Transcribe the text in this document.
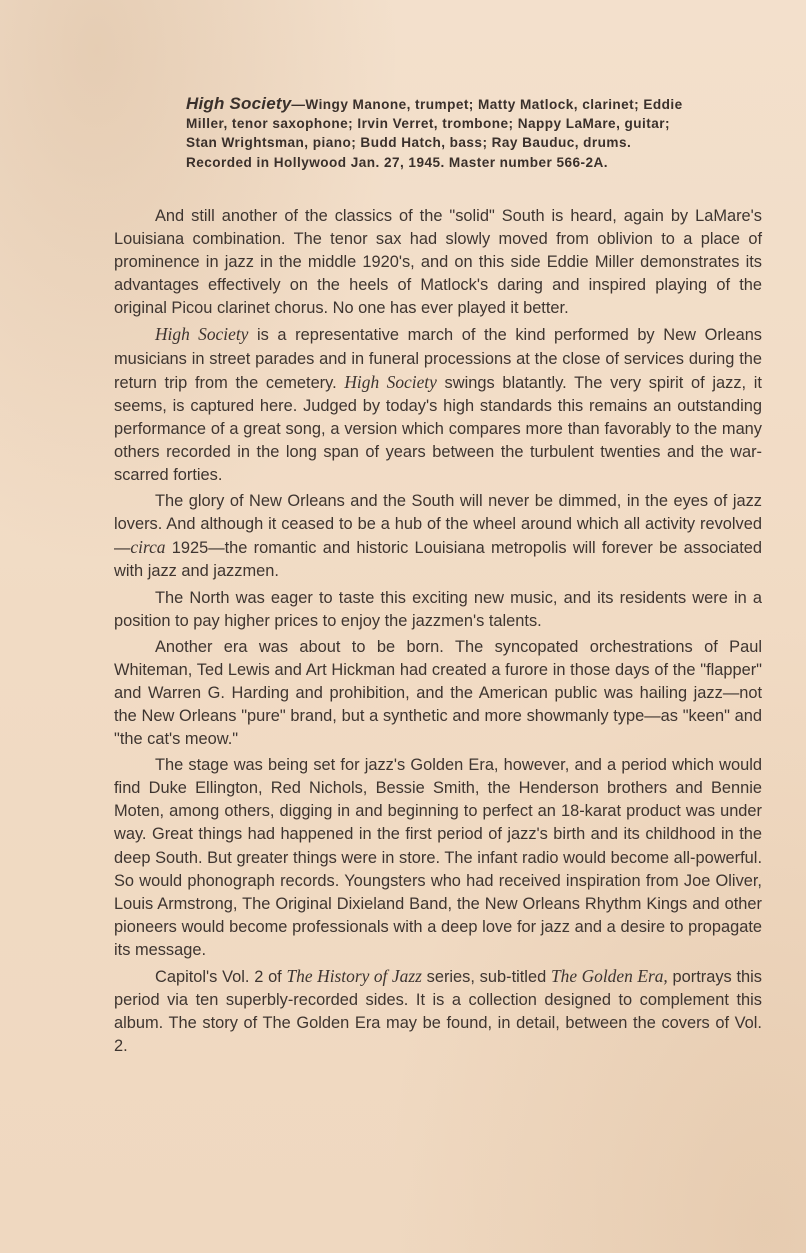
High Society—Wingy Manone, trumpet; Matty Matlock, clarinet; Eddie Miller, tenor saxophone; Irvin Verret, trombone; Nappy LaMare, guitar; Stan Wrightsman, piano; Budd Hatch, bass; Ray Bauduc, drums. Recorded in Hollywood Jan. 27, 1945. Master number 566-2A.

And still another of the classics of the "solid" South is heard, again by LaMare's Louisiana combination. The tenor sax had slowly moved from oblivion to a place of prominence in jazz in the middle 1920's, and on this side Eddie Miller demonstrates its advantages effectively on the heels of Matlock's daring and inspired playing of the original Picou clarinet chorus. No one has ever played it better.

High Society is a representative march of the kind performed by New Orleans musicians in street parades and in funeral processions at the close of services during the return trip from the cemetery. High Society swings blatantly. The very spirit of jazz, it seems, is captured here. Judged by today's high standards this remains an outstanding performance of a great song, a version which compares more than favorably to the many others recorded in the long span of years between the turbulent twenties and the war-scarred forties.

The glory of New Orleans and the South will never be dimmed, in the eyes of jazz lovers. And although it ceased to be a hub of the wheel around which all activity revolved—circa 1925—the romantic and historic Louisiana metropolis will forever be associated with jazz and jazzmen.

The North was eager to taste this exciting new music, and its residents were in a position to pay higher prices to enjoy the jazzmen's talents.

Another era was about to be born. The syncopated orchestrations of Paul Whiteman, Ted Lewis and Art Hickman had created a furore in those days of the "flapper" and Warren G. Harding and prohibition, and the American public was hailing jazz—not the New Orleans "pure" brand, but a synthetic and more showmanly type—as "keen" and "the cat's meow."

The stage was being set for jazz's Golden Era, however, and a period which would find Duke Ellington, Red Nichols, Bessie Smith, the Henderson brothers and Bennie Moten, among others, digging in and beginning to perfect an 18-karat product was under way. Great things had happened in the first period of jazz's birth and its childhood in the deep South. But greater things were in store. The infant radio would become all-powerful. So would phonograph records. Youngsters who had received inspiration from Joe Oliver, Louis Armstrong, The Original Dixieland Band, the New Orleans Rhythm Kings and other pioneers would become professionals with a deep love for jazz and a desire to propagate its message.

Capitol's Vol. 2 of The History of Jazz series, sub-titled The Golden Era, portrays this period via ten superbly-recorded sides. It is a collection designed to complement this album. The story of The Golden Era may be found, in detail, between the covers of Vol. 2.
